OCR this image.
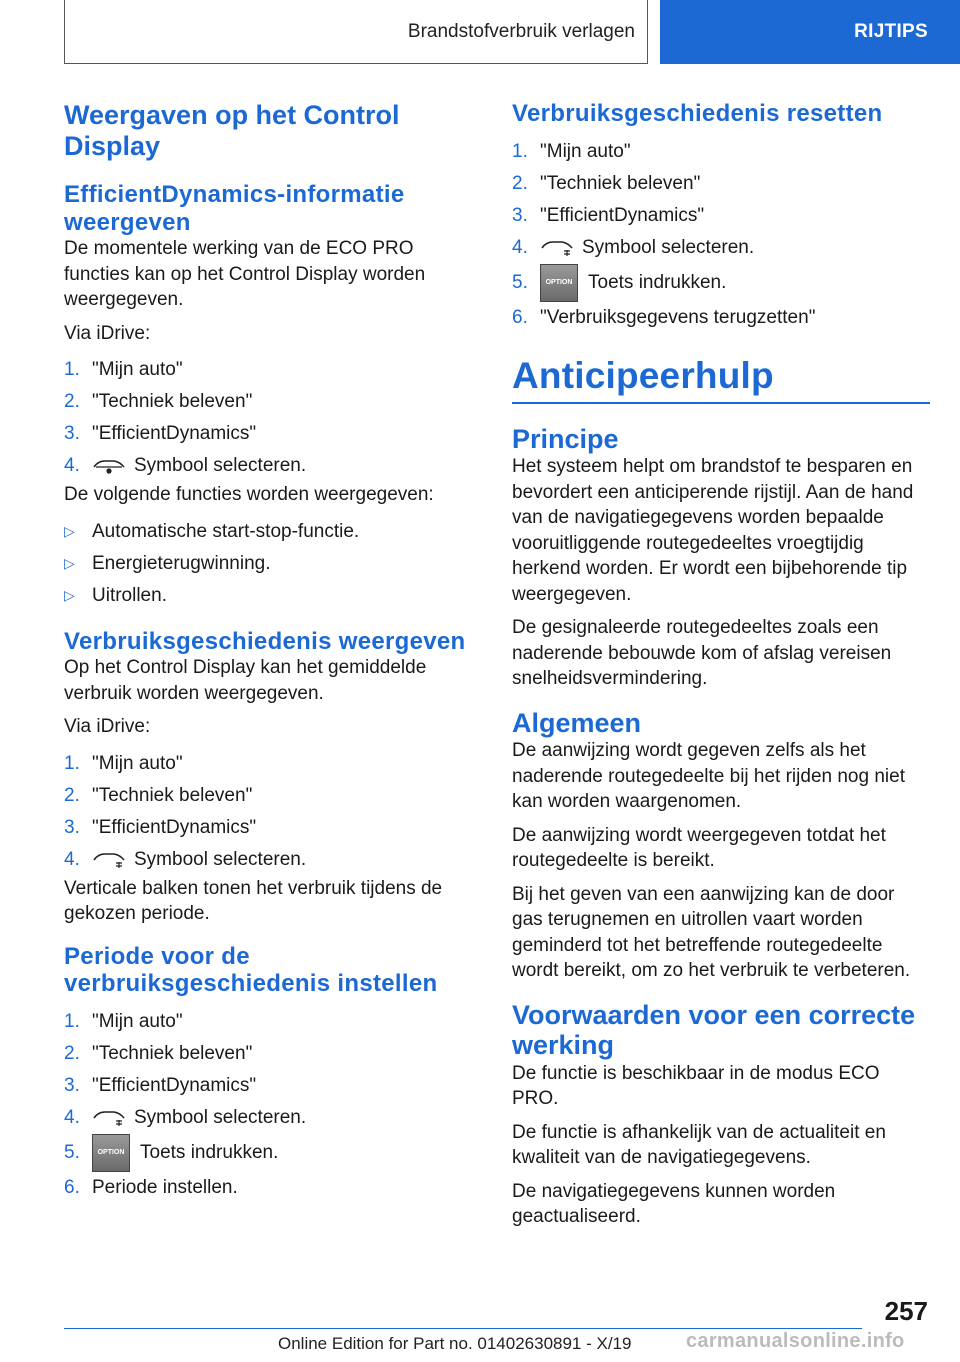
Brandstofverbruik verlagen	RIJTIPS
Weergaven op het Control Display
EfficientDynamics-informatie weergeven

De momentele werking van de ECO PRO functies kan op het Control Display worden weergegeven.

Via iDrive:

1. "Mijn auto"
2. "Techniek beleven"
3. "EfficientDynamics"
4.	Symbool selecteren.

De volgende functies worden weergegeven:

▷ Automatische start-stop-functie.
▷ Energieterugwinning.
▷ Uitrollen.
Verbruiksgeschiedenis weergeven

Op het Control Display kan het gemiddelde verbruik worden weergegeven.

Via iDrive:

1. "Mijn auto"
2. "Techniek beleven"
3. "EfficientDynamics"
4.	Symbool selecteren.

Verticale balken tonen het verbruik tijdens de gekozen periode.

Periode voor de verbruiksgeschiedenis instellen
1. "Mijn auto"
2. "Techniek beleven"
3. "EfficientDynamics"
4.	Symbool selecteren.
5.	OPTION Toets indrukken.
6. Periode instellen.
Verbruiksgeschiedenis resetten
1. "Mijn auto"
2. "Techniek beleven"
3. "EfficientDynamics"
4.	Symbool selecteren.
5.	OPTION Toets indrukken.
6. "Verbruiksgegevens terugzetten"
Anticipeerhulp
Principe

Het systeem helpt om brandstof te besparen en bevordert een anticiperende rijstijl. Aan de hand van de navigatiegegevens worden bepaalde vooruitliggende routegedeeltes vroegtijdig herkend worden. Er wordt een bijbehorende tip weergegeven.

De gesignaleerde routegedeeltes zoals een naderende bebouwde kom of afslag vereisen snelheidsvermindering.

Algemeen

De aanwijzing wordt gegeven zelfs als het naderende routegedeelte bij het rijden nog niet kan worden waargenomen.

De aanwijzing wordt weergegeven totdat het routegedeelte is bereikt.

Bij het geven van een aanwijzing kan de door gas terugnemen en uitrollen vaart worden geminderd tot het betreffende routegedeelte wordt bereikt, om zo het verbruik te verbeteren.

Voorwaarden voor een correcte werking

De functie is beschikbaar in de modus ECO PRO.

De functie is afhankelijk van de actualiteit en kwaliteit van de navigatiegegevens.

De navigatiegegevens kunnen worden geactualiseerd.

257
Online Edition for Part no. 01402630891 - X/19	carmanualsonline.info
